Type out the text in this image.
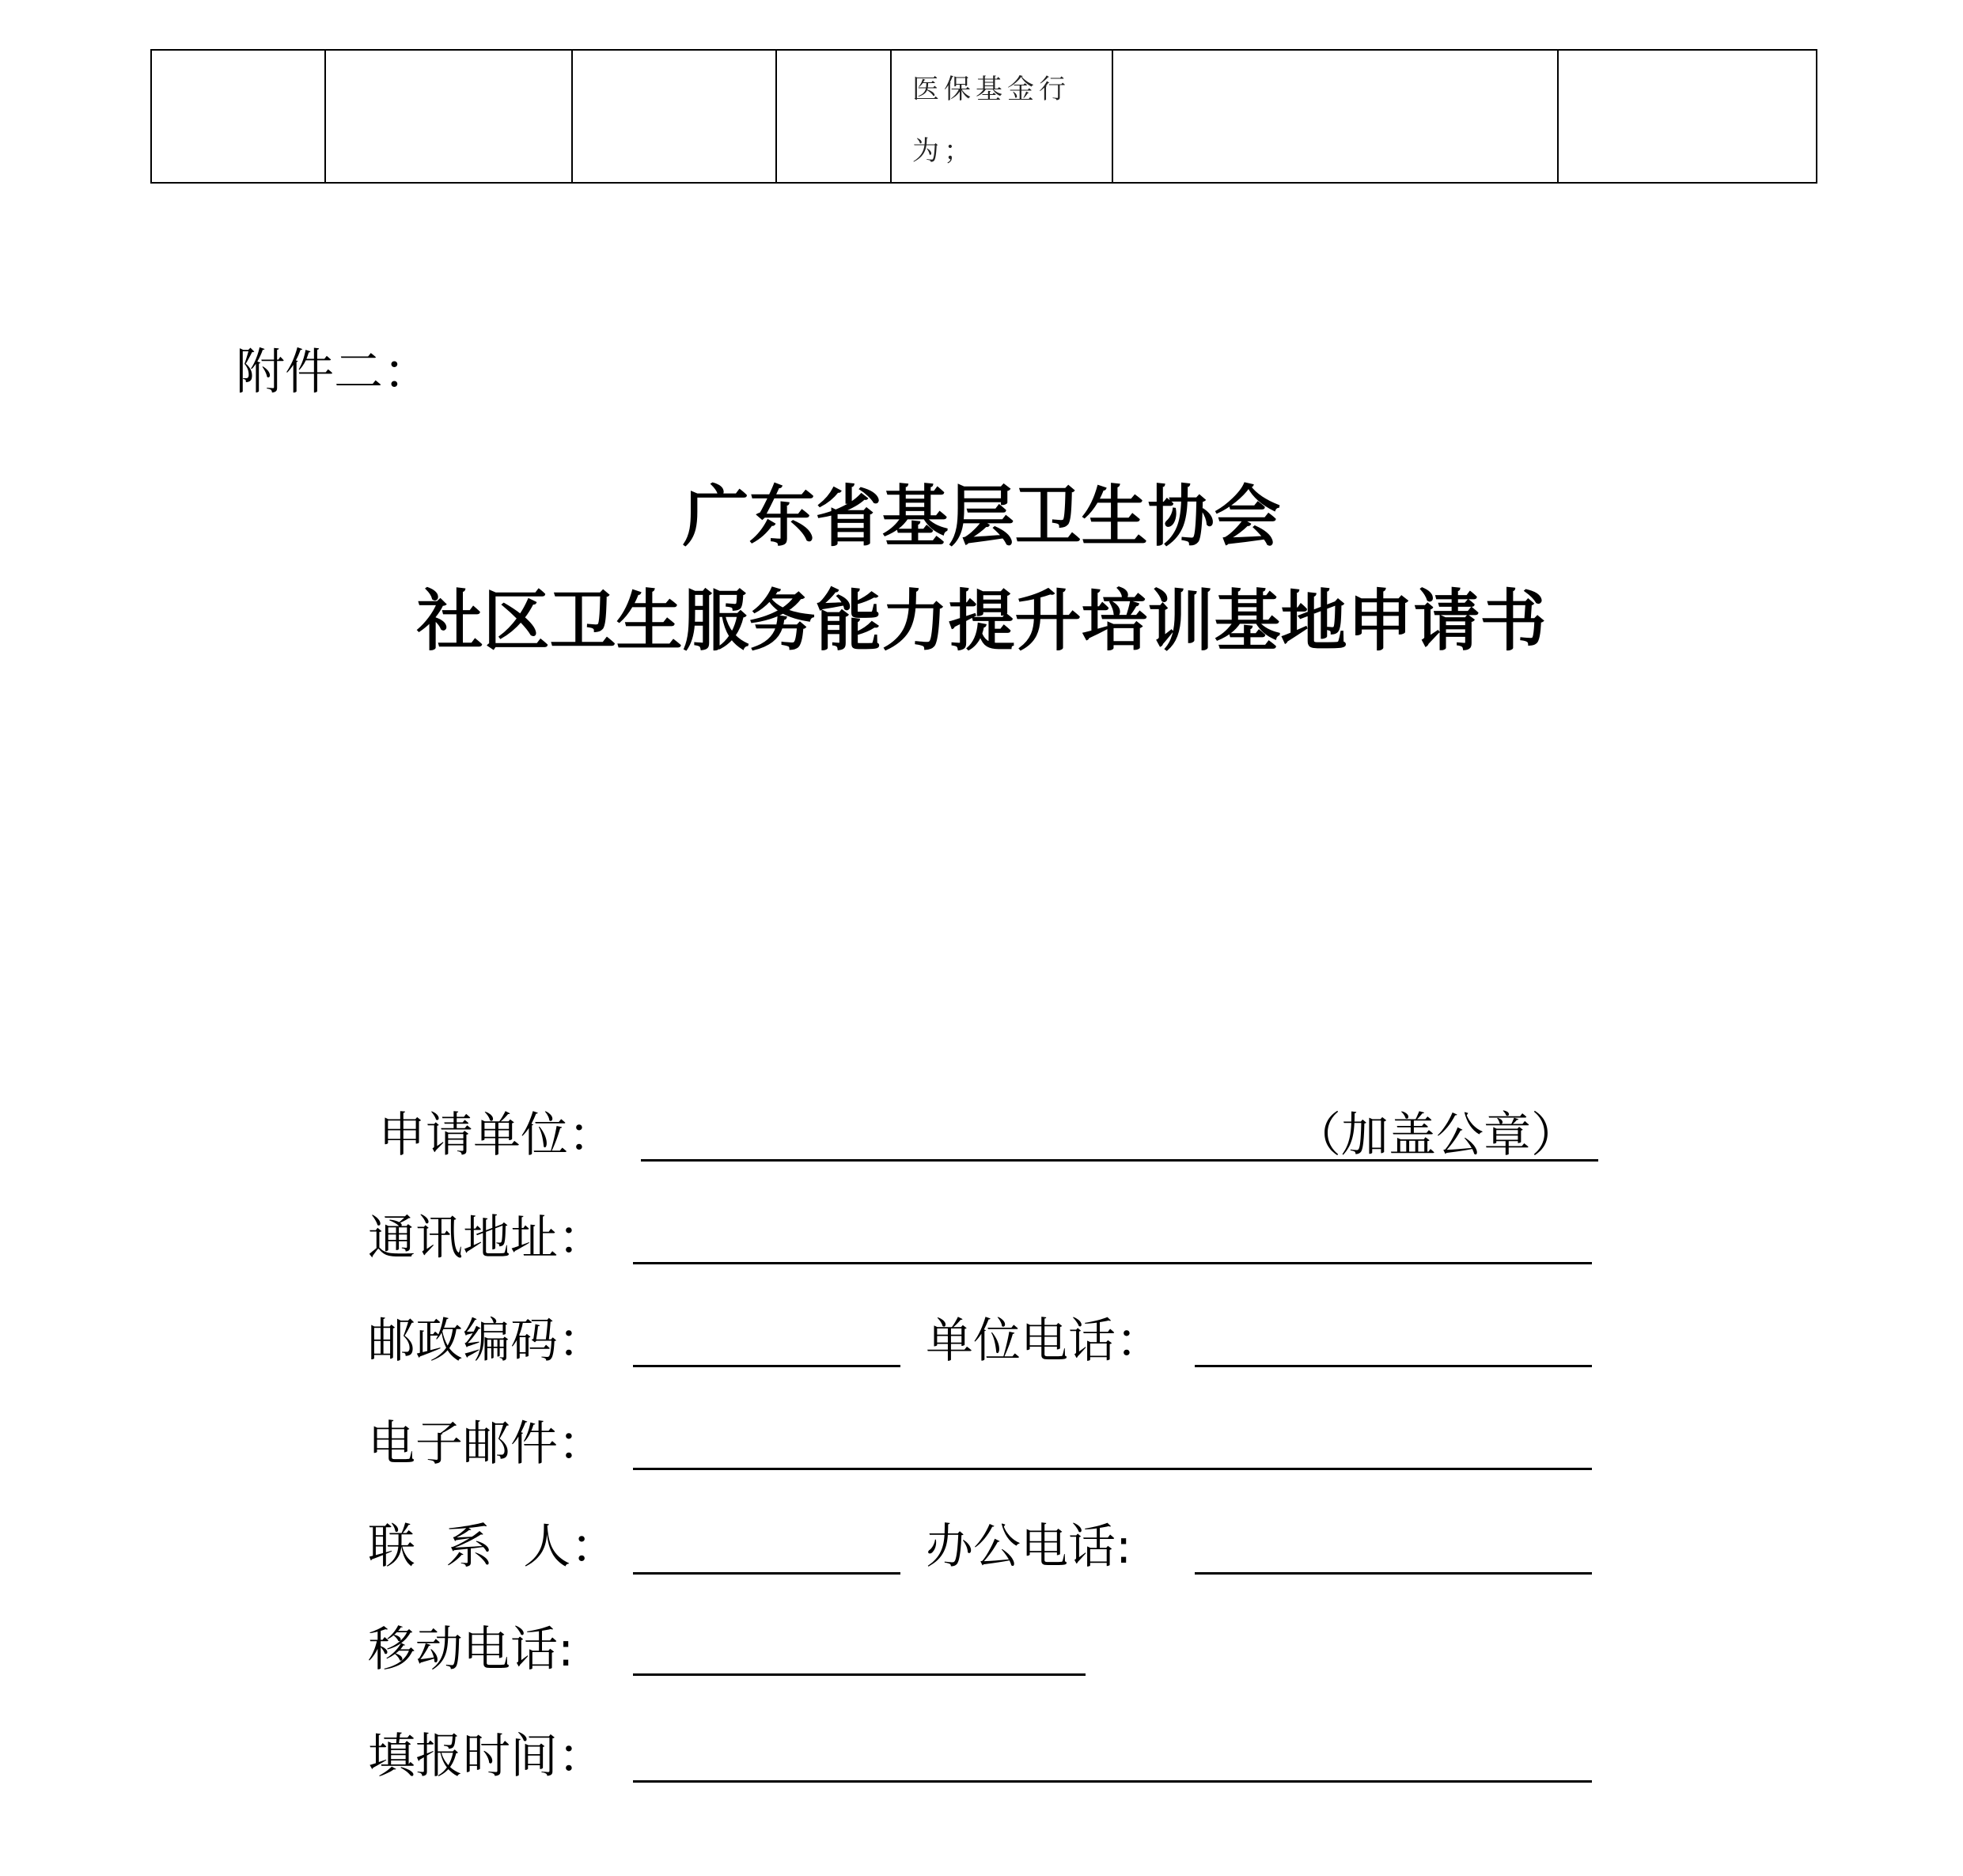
医保基金行
为；

附件二：
广东省基层卫生协会
社区卫生服务能力提升培训基地申请书
申请单位：	（加盖公章）
通讯地址：
邮政编码：	单位电话：
电子邮件：
联  系  人：	办公电话:
移动电话:
填报时间：
